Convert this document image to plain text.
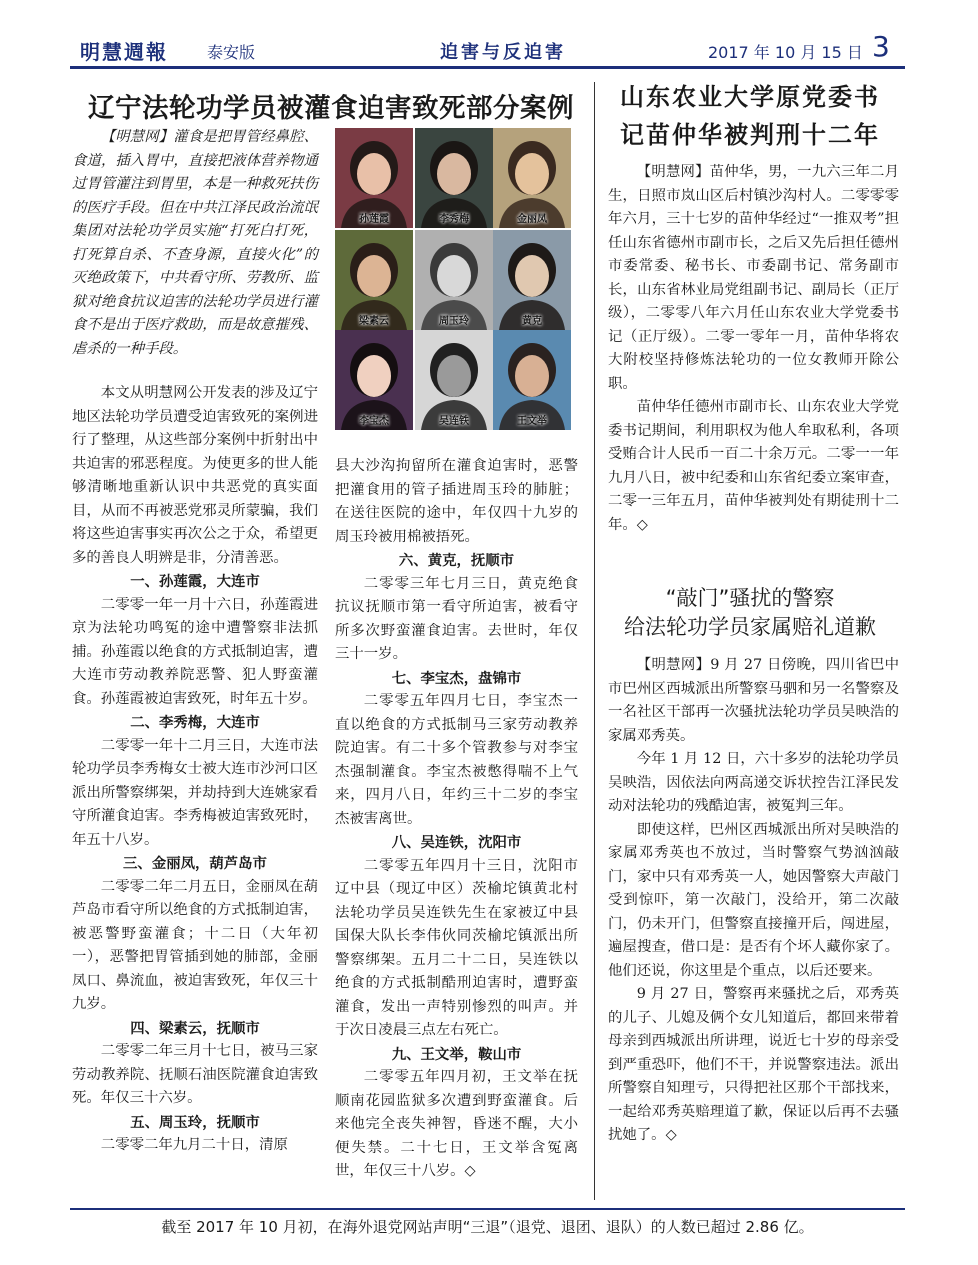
明慧週報 泰安版	迫害与反迫害	2017 年 10 月 15 日 3
辽宁法轮功学员被灌食迫害致死部分案例

【明慧网】灌食是把胃管经鼻腔、食道，插入胃中，直接把液体营养物通过胃管灌注到胃里，本是一种救死扶伤的医疗手段。但在中共江泽民政治流氓集团对法轮功学员实施“打死白打死，打死算自杀、不查身源，直接火化”的灭绝政策下，中共看守所、劳教所、监狱对绝食抗议迫害的法轮功学员进行灌食不是出于医疗救助，而是故意摧残、虐杀的一种手段。

孙莲霞	李秀梅	金丽凤
梁素云	周玉玲	黄克
李宝杰	吴连铁	王文举

本文从明慧网公开发表的涉及辽宁地区法轮功学员遭受迫害致死的案例进行了整理，从这些部分案例中折射出中共迫害的邪恶程度。为使更多的世人能够清晰地重新认识中共恶党的真实面目，从而不再被恶党邪灵所蒙骗，我们将这些迫害事实再次公之于众，希望更多的善良人明辨是非，分清善恶。

一、孙莲霞，大连市

二零零一年一月十六日，孙莲霞进京为法轮功鸣冤的途中遭警察非法抓捕。孙莲霞以绝食的方式抵制迫害，遭大连市劳动教养院恶警、犯人野蛮灌食。孙莲霞被迫害致死，时年五十岁。

二、李秀梅，大连市

二零零一年十二月三日，大连市法轮功学员李秀梅女士被大连市沙河口区派出所警察绑架，并劫持到大连姚家看守所灌食迫害。李秀梅被迫害致死时，年五十八岁。

三、金丽凤，葫芦岛市

二零零二年二月五日，金丽凤在葫芦岛市看守所以绝食的方式抵制迫害，被恶警野蛮灌食；十二日（大年初一），恶警把胃管插到她的肺部，金丽凤口、鼻流血，被迫害致死，年仅三十九岁。

四、梁素云，抚顺市

二零零二年三月十七日，被马三家劳动教养院、抚顺石油医院灌食迫害致死。年仅三十六岁。

五、周玉玲，抚顺市

二零零二年九月二十日，清原

县大沙沟拘留所在灌食迫害时，恶警把灌食用的管子插进周玉玲的肺脏；在送往医院的途中，年仅四十九岁的周玉玲被用棉被捂死。

六、黄克，抚顺市

二零零三年七月三日，黄克绝食抗议抚顺市第一看守所迫害，被看守所多次野蛮灌食迫害。去世时，年仅三十一岁。

七、李宝杰，盘锦市

二零零五年四月七日，李宝杰一直以绝食的方式抵制马三家劳动教养院迫害。有二十多个管教参与对李宝杰强制灌食。李宝杰被憋得喘不上气来，四月八日，年约三十二岁的李宝杰被害离世。

八、吴连铁，沈阳市

二零零五年四月十三日，沈阳市辽中县（现辽中区）茨榆坨镇黄北村法轮功学员吴连铁先生在家被辽中县国保大队长李伟伙同茨榆坨镇派出所警察绑架。五月二十二日，吴连铁以绝食的方式抵制酷刑迫害时，遭野蛮灌食，发出一声特别惨烈的叫声。并于次日凌晨三点左右死亡。

九、王文举，鞍山市

二零零五年四月初，王文举在抚顺南花园监狱多次遭到野蛮灌食。后来他完全丧失神智，昏迷不醒，大小便失禁。二十七日，王文举含冤离世，年仅三十八岁。◇

山东农业大学原党委书
记苗仲华被判刑十二年

【明慧网】苗仲华，男，一九六三年二月生，日照市岚山区后村镇沙沟村人。二零零零年六月，三十七岁的苗仲华经过“一推双考”担任山东省德州市副市长，之后又先后担任德州市委常委、秘书长、市委副书记、常务副市长，山东省林业局党组副书记、副局长（正厅级），二零零八年六月任山东农业大学党委书记（正厅级）。二零一零年一月，苗仲华将农大附校坚持修炼法轮功的一位女教师开除公职。

苗仲华任德州市副市长、山东农业大学党委书记期间，利用职权为他人牟取私利，各项受贿合计人民币一百二十余万元。二零一一年九月八日，被中纪委和山东省纪委立案审查，二零一三年五月，苗仲华被判处有期徒刑十二年。◇

“敲门”骚扰的警察
给法轮功学员家属赔礼道歉

【明慧网】9 月 27 日傍晚，四川省巴中市巴州区西城派出所警察马驷和另一名警察及一名社区干部再一次骚扰法轮功学员吴映浩的家属邓秀英。

今年 1 月 12 日，六十多岁的法轮功学员吴映浩，因依法向两高递交诉状控告江泽民发动对法轮功的残酷迫害，被冤判三年。

即使这样，巴州区西城派出所对吴映浩的家属邓秀英也不放过，当时警察气势汹汹敲门，家中只有邓秀英一人，她因警察大声敲门受到惊吓，第一次敲门，没给开，第二次敲门，仍未开门，但警察直接撞开后，闯进屋，遍屋搜查，借口是：是否有个坏人藏你家了。他们还说，你这里是个重点，以后还要来。

9 月 27 日，警察再来骚扰之后，邓秀英的儿子、儿媳及俩个女儿知道后，都回来带着母亲到西城派出所讲理，说近七十岁的母亲受到严重恐吓，他们不干，并说警察违法。派出所警察自知理亏，只得把社区那个干部找来，一起给邓秀英赔理道了歉，保证以后再不去骚扰她了。◇

截至 2017 年 10 月初，在海外退党网站声明“三退”（退党、退团、退队）的人数已超过 2.86 亿。
